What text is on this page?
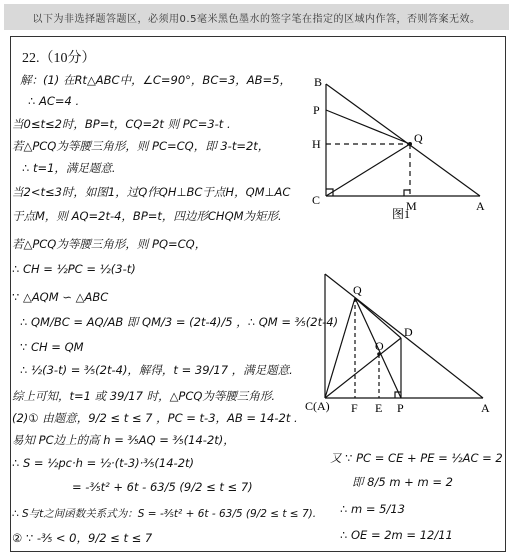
以下为非选择题答题区，必须用0.5毫米黑色墨水的签字笔在指定的区域内作答，否则答案无效。
22.（10分）
解：(1) 在Rt△ABC中，∠C=90°，BC=3，AB=5，
∴ AC=4 .
当0≤t≤2时，BP=t，CQ=2t 则 PC=3-t .
若△PCQ为等腰三角形，则 PC=CQ，即 3-t=2t，
∴ t=1，满足题意.
当2<t≤3时，如图1，过Q作QH⊥BC于点H，QM⊥AC
于点M，则 AQ=2t-4，BP=t，四边形CHQM为矩形.
若△PCQ为等腰三角形，则 PQ=CQ，
∴ CH = ½PC = ½(3-t)
∵ △AQM ∽ △ABC
∴ QM/BC = AQ/AB 即 QM/3 = (2t-4)/5 ，∴ QM = ⅗(2t-4)
∵ CH = QM
∴ ½(3-t) = ⅗(2t-4)，解得，t = 39/17 ，满足题意.
综上可知，t=1 或 39/17 时，△PCQ为等腰三角形.
(2)① 由题意，9/2 ≤ t ≤ 7 ，PC = t-3，AB = 14-2t .
易知 PC边上的高 h = ⅗AQ = ⅗(14-2t)，
∴ S = ½pc·h = ½·(t-3)·⅗(14-2t)
= -⅗t² + 6t - 63/5 (9/2 ≤ t ≤ 7)
∴ S与t之间函数关系式为：S = -⅗t² + 6t - 63/5 (9/2 ≤ t ≤ 7).
② ∵ -⅗ < 0，9/2 ≤ t ≤ 7
又 ∵ PC = CE + PE = ½AC = 2
即 8/5 m + m = 2
∴ m = 5/13
∴ OE = 2m = 12/11
B
P
H	Q
C	M	A
图1
Q
D
O
C(A) F E P	A
